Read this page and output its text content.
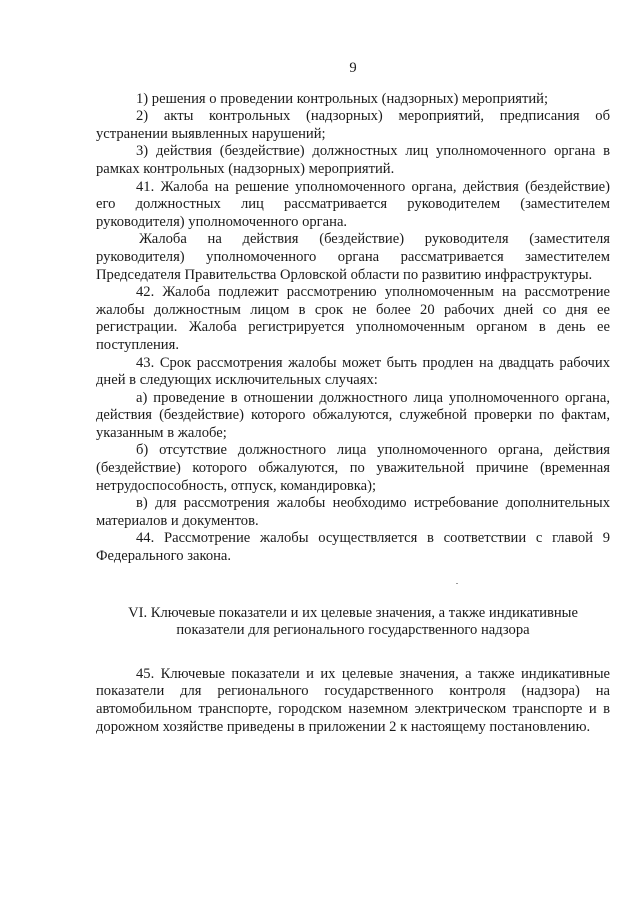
9

1) решения о проведении контрольных (надзорных) мероприятий;

2) акты контрольных (надзорных) мероприятий, предписания об устранении выявленных нарушений;

3) действия (бездействие) должностных лиц уполномоченного органа в рамках контрольных (надзорных) мероприятий.

41. Жалоба на решение уполномоченного органа, действия (бездействие) его должностных лиц рассматривается руководителем (заместителем руководителя) уполномоченного органа.

Жалоба на действия (бездействие) руководителя (заместителя руководителя) уполномоченного органа рассматривается заместителем Председателя Правительства Орловской области по развитию инфраструктуры.

42. Жалоба подлежит рассмотрению уполномоченным на рассмотрение жалобы должностным лицом в срок не более 20 рабочих дней со дня ее регистрации. Жалоба регистрируется уполномоченным органом в день ее поступления.

43. Срок рассмотрения жалобы может быть продлен на двадцать рабочих дней в следующих исключительных случаях:

а) проведение в отношении должностного лица уполномоченного органа, действия (бездействие) которого обжалуются, служебной проверки по фактам, указанным в жалобе;

б) отсутствие должностного лица уполномоченного органа, действия (бездействие) которого обжалуются, по уважительной причине (временная нетрудоспособность, отпуск, командировка);

в) для рассмотрения жалобы необходимо истребование дополнительных материалов и документов.

44. Рассмотрение жалобы осуществляется в соответствии с главой 9 Федерального закона.

VI. Ключевые показатели и их целевые значения, а также индикативные
показатели для регионального государственного надзора

45. Ключевые показатели и их целевые значения, а также индикативные показатели для регионального государственного контроля (надзора) на автомобильном транспорте, городском наземном электрическом транспорте и в дорожном хозяйстве приведены в приложении 2 к настоящему постановлению.
